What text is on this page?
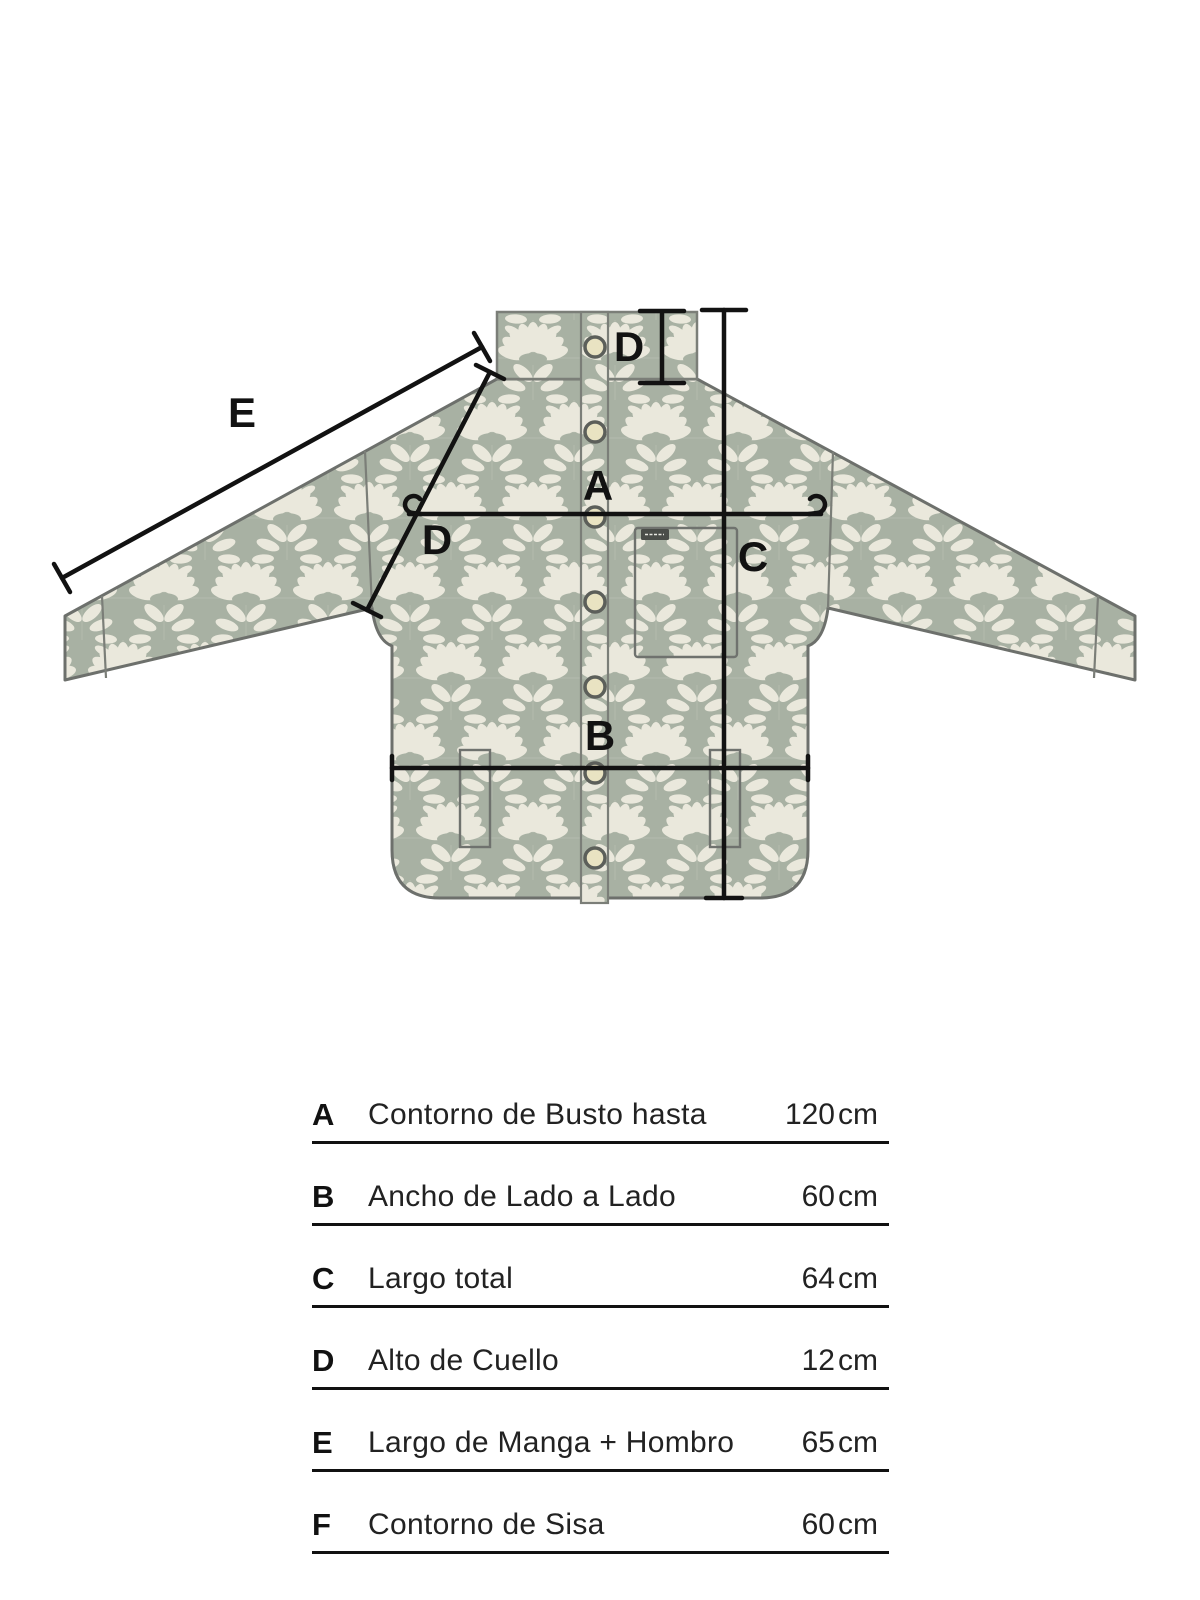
A
B
C
D
D
E
A	Contorno de Busto hasta	120 cm
B	Ancho de Lado a Lado	60 cm
C	Largo total	64 cm
D	Alto de Cuello	12 cm
E	Largo de Manga + Hombro	65 cm
F	Contorno de Sisa	60 cm
